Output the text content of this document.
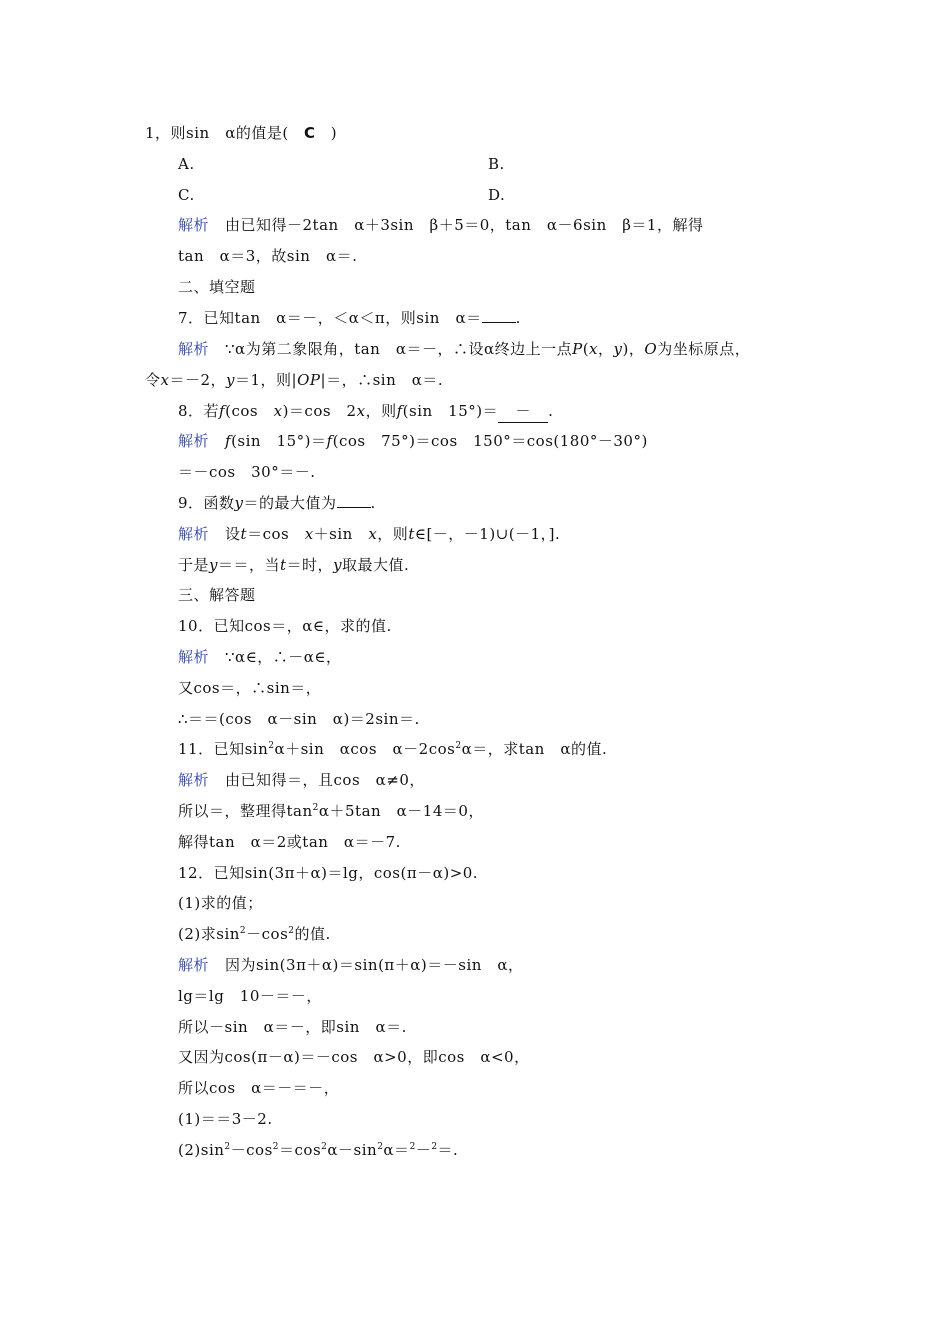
1，则sin　α的值是( C )
A.	B.
C.	D.
解析 由已知得－2tan　α＋3sin　β＋5＝0，tan　α－6sin　β＝1，解得
tan　α＝3，故sin　α＝.
二、填空题
7．已知tan　α＝－，＜α＜π，则sin　α＝ .
解析 ∵α为第二象限角，tan　α＝－，∴设α终边上一点P(x，y)，O为坐标原点，
令x＝－2，y＝1，则|OP|＝，∴sin　α＝.
8．若f(cos　x)＝cos　2x，则f(sin　15°)＝ － .
解析 f(sin　15°)＝f(cos　75°)＝cos　150°＝cos(180°－30°)
＝－cos　30°＝－.
9．函数y＝的最大值为 .
解析 设t＝cos　x＋sin　x，则t∈[－，－1)∪(－1，].
于是y＝＝，当t＝时，y取最大值.
三、解答题
10．已知cos＝，α∈，求的值.
解析 ∵α∈，∴－α∈，
又cos＝，∴sin＝，
∴＝＝(cos　α－sin　α)＝2sin＝.
11．已知$\sin^2\alpha+\sin$　αcos　$\alpha-2\cos^2\alpha=$，求tan　α的值.
解析 由已知得＝，且cos　α≠0，
所以＝，整理得$\tan^2\alpha+5\tan$　α－14＝0，
解得tan　α＝2或tan　α＝－7.
12．已知sin(3π＋α)＝lg，cos(π－α)>0.
(1)求的值；
(2)求$\sin^2-\cos^2$的值.
解析 因为sin(3π＋α)＝sin(π＋α)＝－sin　α，
lg＝lg　10－＝－，
所以－sin　α＝－，即sin　α＝.
又因为cos(π－α)＝－cos　α>0，即cos　α<0，
所以cos　α＝－＝－，
(1)＝＝3－2.
$(2)\sin^2-\cos^2=\cos^2\alpha-\sin^2\alpha=^2-^2=$.
